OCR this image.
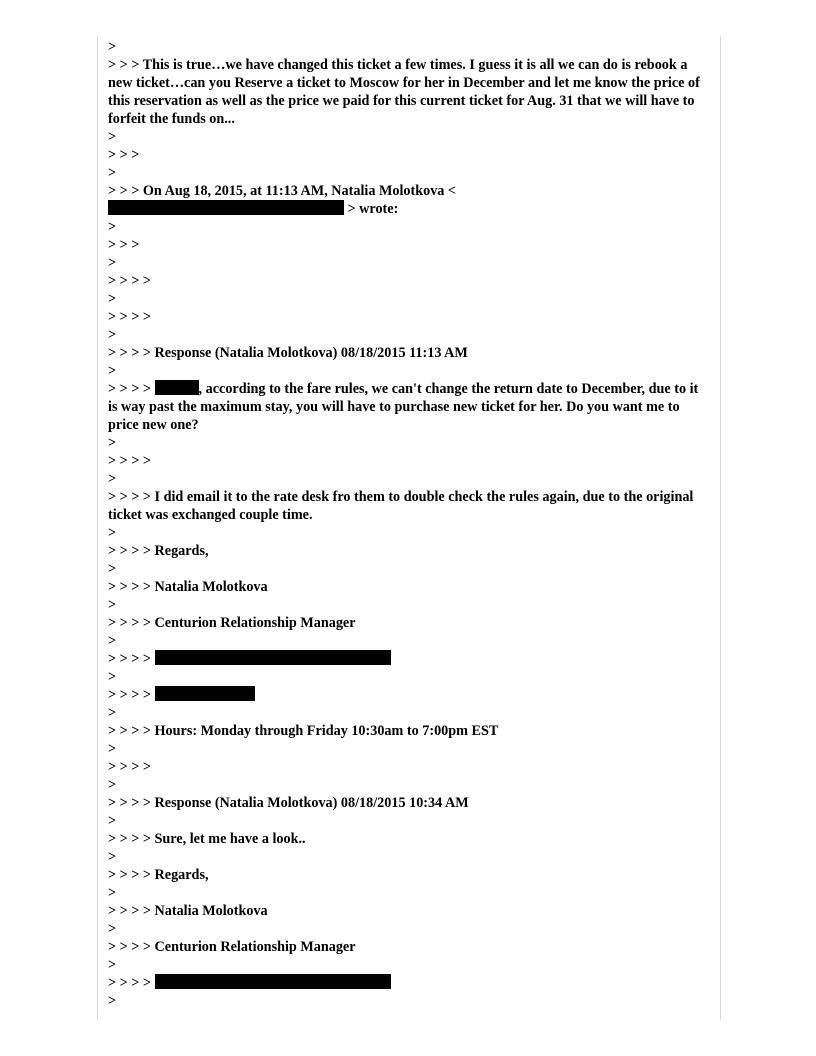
>
> > > This is true…we have changed this ticket a few times. I guess it is all we can do is rebook a new ticket…can you Reserve a ticket to Moscow for her in December and let me know the price of this reservation as well as the price we paid for this current ticket for Aug. 31 that we will have to forfeit the funds on...
>
> > >
>
> > > On Aug 18, 2015, at 11:13 AM, Natalia Molotkova <
> wrote:
>
> > >
>
> > > >
>
> > > >
>
> > > > Response (Natalia Molotkova) 08/18/2015 11:13 AM
>
> > > >	, according to the fare rules, we can't change the return date to December, due to it is way past the maximum stay, you will have to purchase new ticket for her. Do you want me to price new one?
>
> > > >
>
> > > > I did email it to the rate desk fro them to double check the rules again, due to the original ticket was exchanged couple time.
>
> > > > Regards,
>
> > > > Natalia Molotkova
>
> > > > Centurion Relationship Manager
>
> > > >
>
> > > >
>
> > > > Hours: Monday through Friday 10:30am to 7:00pm EST
>
> > > >
>
> > > > Response (Natalia Molotkova) 08/18/2015 10:34 AM
>
> > > > Sure, let me have a look..
>
> > > > Regards,
>
> > > > Natalia Molotkova
>
> > > > Centurion Relationship Manager
>
> > > >
>
